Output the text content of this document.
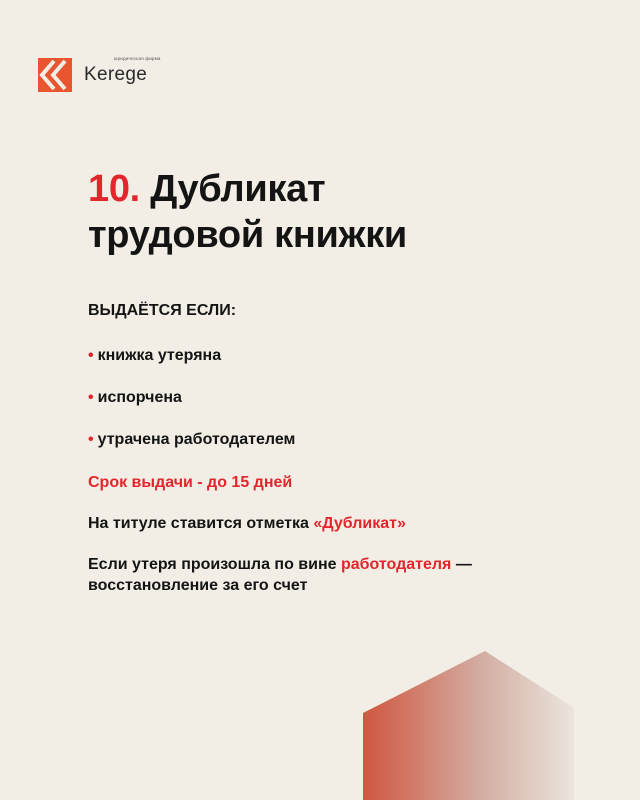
юридическая фирма
Kerege
10. Дубликат
трудовой книжки

ВЫДАЁТСЯ ЕСЛИ:

• книжка утеряна
• испорчена
• утрачена работодателем

Срок выдачи - до 15 дней

На титуле ставится отметка «Дубликат»

Если утеря произошла по вине работодателя —
восстановление за его счет
